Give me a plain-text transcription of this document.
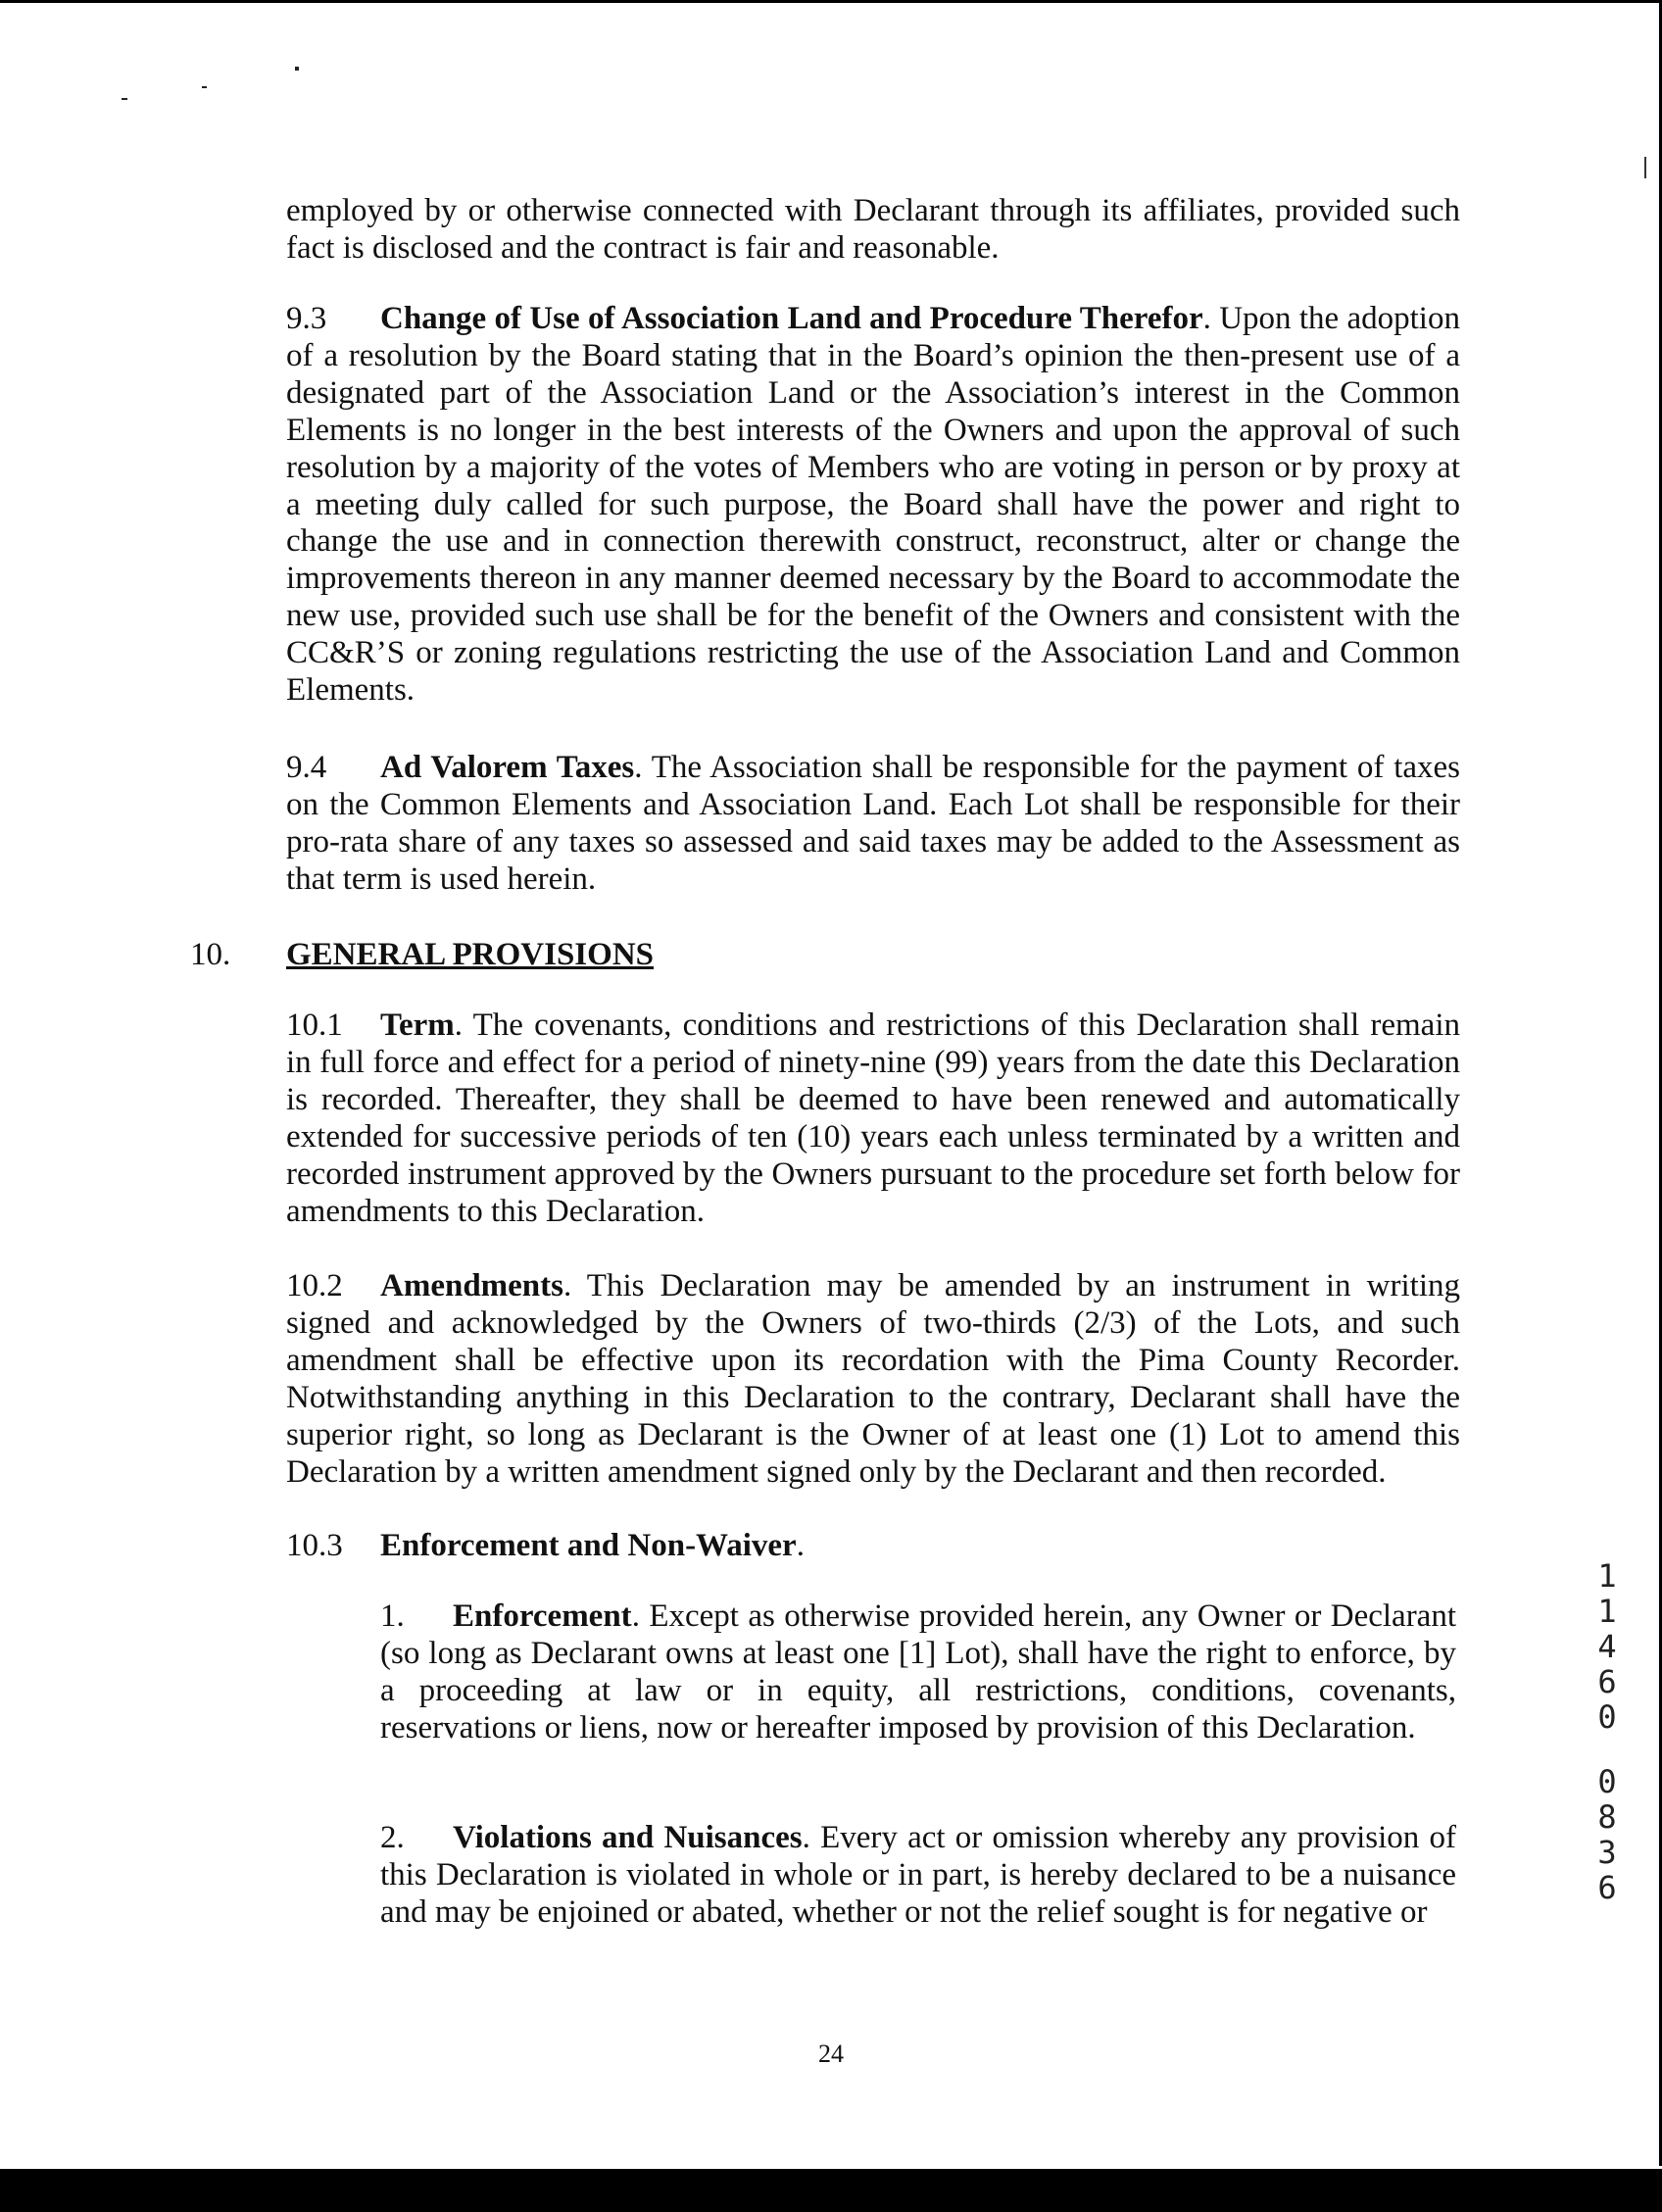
employed by or otherwise connected with Declarant through its affiliates, provided such fact is disclosed and the contract is fair and reasonable.

9.3 Change of Use of Association Land and Procedure Therefor. Upon the adoption of a resolution by the Board stating that in the Board’s opinion the then-present use of a designated part of the Association Land or the Association’s interest in the Common Elements is no longer in the best interests of the Owners and upon the approval of such resolution by a majority of the votes of Members who are voting in person or by proxy at a meeting duly called for such purpose, the Board shall have the power and right to change the use and in connection therewith construct, reconstruct, alter or change the improvements thereon in any manner deemed necessary by the Board to accommodate the new use, provided such use shall be for the benefit of the Owners and consistent with the CC&R’S or zoning regulations restricting the use of the Association Land and Common Elements.

9.4 Ad Valorem Taxes. The Association shall be responsible for the payment of taxes on the Common Elements and Association Land. Each Lot shall be responsible for their pro-rata share of any taxes so assessed and said taxes may be added to the Assessment as that term is used herein.

10. GENERAL PROVISIONS

10.1 Term. The covenants, conditions and restrictions of this Declaration shall remain in full force and effect for a period of ninety-nine (99) years from the date this Declaration is recorded. Thereafter, they shall be deemed to have been renewed and automatically extended for successive periods of ten (10) years each unless terminated by a written and recorded instrument approved by the Owners pursuant to the procedure set forth below for amendments to this Declaration.

10.2 Amendments. This Declaration may be amended by an instrument in writing signed and acknowledged by the Owners of two-thirds (2/3) of the Lots, and such amendment shall be effective upon its recordation with the Pima County Recorder. Notwithstanding anything in this Declaration to the contrary, Declarant shall have the superior right, so long as Declarant is the Owner of at least one (1) Lot to amend this Declaration by a written amendment signed only by the Declarant and then recorded.

10.3 Enforcement and Non-Waiver.

1. Enforcement. Except as otherwise provided herein, any Owner or Declarant (so long as Declarant owns at least one [1] Lot), shall have the right to enforce, by a proceeding at law or in equity, all restrictions, conditions, covenants, reservations or liens, now or hereafter imposed by provision of this Declaration.

2. Violations and Nuisances. Every act or omission whereby any provision of this Declaration is violated in whole or in part, is hereby declared to be a nuisance and may be enjoined or abated, whether or not the relief sought is for negative or

24
1
1
4
6
0
0
8
3
6
